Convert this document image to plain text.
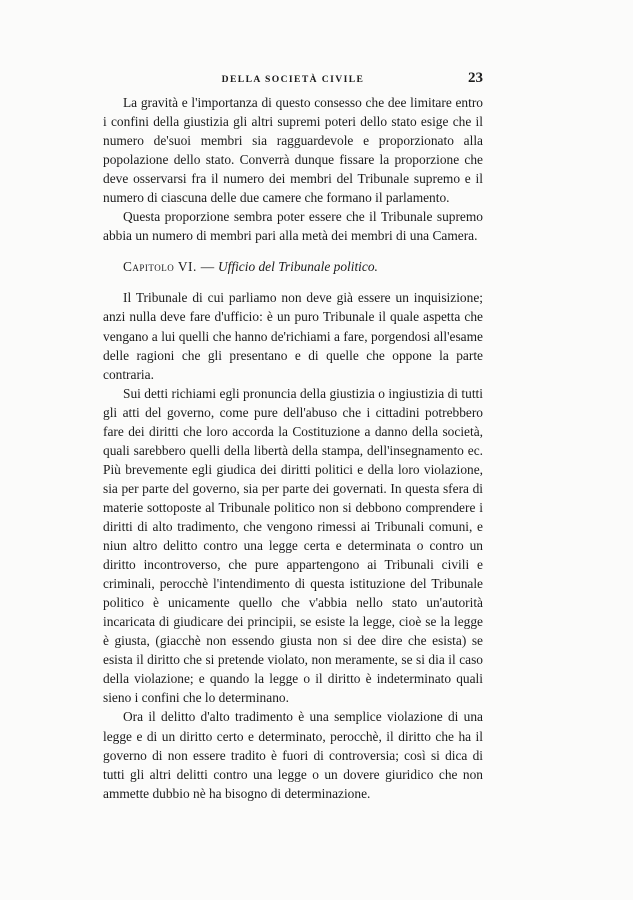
DELLA SOCIETÀ CIVILE	23

La gravità e l'importanza di questo consesso che dee limitare entro i confini della giustizia gli altri supremi poteri dello stato esige che il numero de'suoi membri sia ragguardevole e proporzionato alla popolazione dello stato. Converrà dunque fissare la proporzione che deve osservarsi fra il numero dei membri del Tribunale supremo e il numero di ciascuna delle due camere che formano il parlamento.

Questa proporzione sembra poter essere che il Tribunale supremo abbia un numero di membri pari alla metà dei membri di una Camera.

Capitolo VI. — Ufficio del Tribunale politico.

Il Tribunale di cui parliamo non deve già essere un inquisizione; anzi nulla deve fare d'ufficio: è un puro Tribunale il quale aspetta che vengano a lui quelli che hanno de'richiami a fare, porgendosi all'esame delle ragioni che gli presentano e di quelle che oppone la parte contraria.

Sui detti richiami egli pronuncia della giustizia o ingiustizia di tutti gli atti del governo, come pure dell'abuso che i cittadini potrebbero fare dei diritti che loro accorda la Costituzione a danno della società, quali sarebbero quelli della libertà della stampa, dell'insegnamento ec. Più brevemente egli giudica dei diritti politici e della loro violazione, sia per parte del governo, sia per parte dei governati. In questa sfera di materie sottoposte al Tribunale politico non si debbono comprendere i diritti di alto tradimento, che vengono rimessi ai Tribunali comuni, e niun altro delitto contro una legge certa e determinata o contro un diritto incontroverso, che pure appartengono ai Tribunali civili e criminali, perocchè l'intendimento di questa istituzione del Tribunale politico è unicamente quello che v'abbia nello stato un'autorità incaricata di giudicare dei principii, se esiste la legge, cioè se la legge è giusta, (giacchè non essendo giusta non si dee dire che esista) se esista il diritto che si pretende violato, non meramente, se si dia il caso della violazione; e quando la legge o il diritto è indeterminato quali sieno i confini che lo determinano.

Ora il delitto d'alto tradimento è una semplice violazione di una legge e di un diritto certo e determinato, perocchè, il diritto che ha il governo di non essere tradito è fuori di controversia; così si dica di tutti gli altri delitti contro una legge o un dovere giuridico che non ammette dubbio nè ha bisogno di determinazione.
